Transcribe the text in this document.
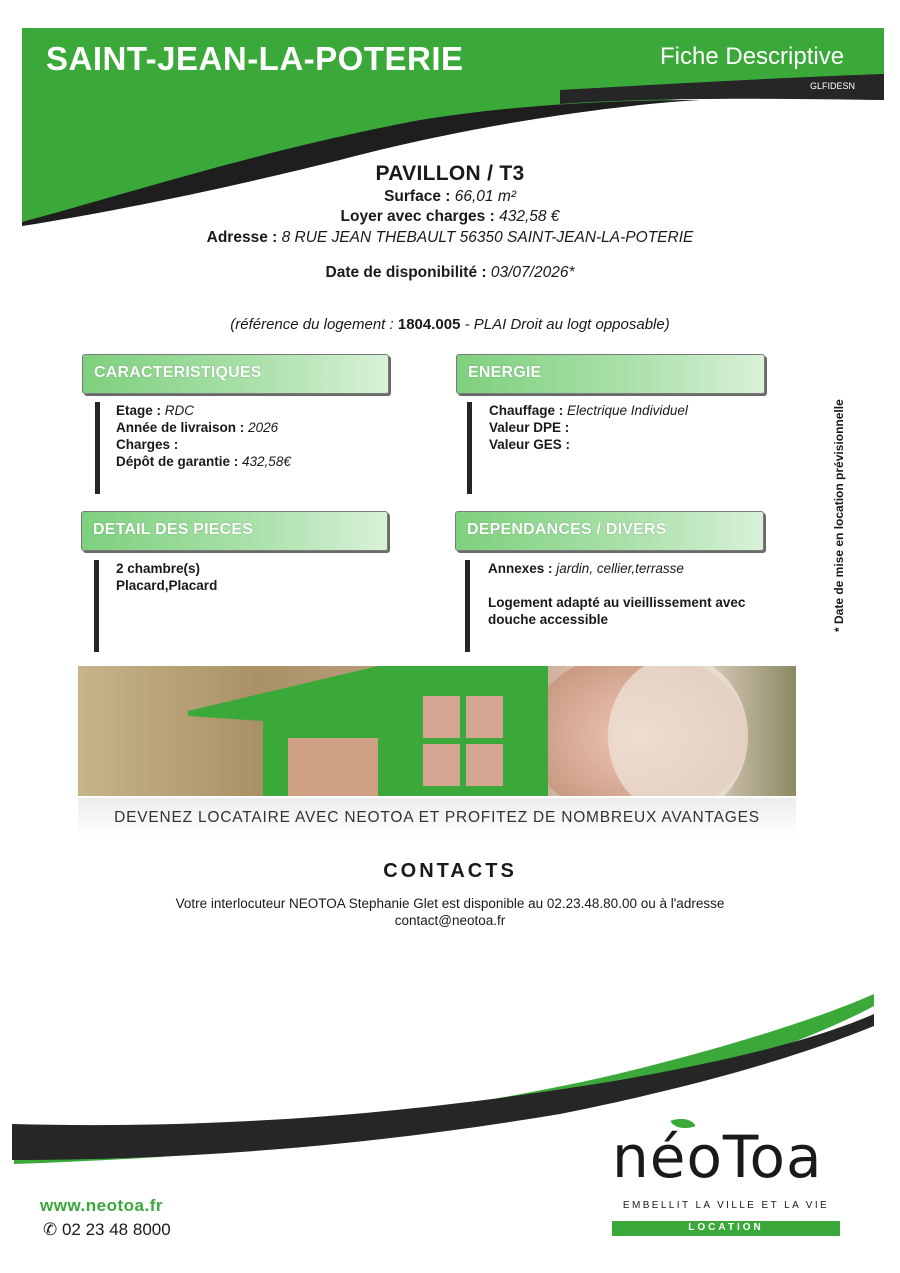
SAINT-JEAN-LA-POTERIE	Fiche Descriptive
GLFIDESN
PAVILLON / T3
Surface : 66,01 m²
Loyer avec charges : 432,58 €
Adresse : 8 RUE JEAN THEBAULT 56350 SAINT-JEAN-LA-POTERIE
Date de disponibilité : 03/07/2026*
(référence du logement : 1804.005 - PLAI Droit au logt opposable)
CARACTERISTIQUES
Etage : RDC
Année de livraison : 2026
Charges :
Dépôt de garantie : 432,58€
ENERGIE
Chauffage : Electrique Individuel
Valeur DPE :
Valeur GES :
DETAIL DES PIECES
2 chambre(s)
Placard,Placard
DEPENDANCES / DIVERS
Annexes : jardin, cellier,terrasse
Logement adapté au vieillissement avec
douche accessible	* Date de mise en location prévisionnelle
DEVENEZ LOCATAIRE AVEC NEOTOA ET PROFITEZ DE NOMBREUX AVANTAGES
CONTACTS
Votre interlocuteur NEOTOA Stephanie Glet est disponible au 02.23.48.80.00 ou à l'adresse
contact@neotoa.fr
www.neotoa.fr
✆ 02 23 48 8000
néoToa
EMBELLIT LA VILLE ET LA VIE
LOCATION
